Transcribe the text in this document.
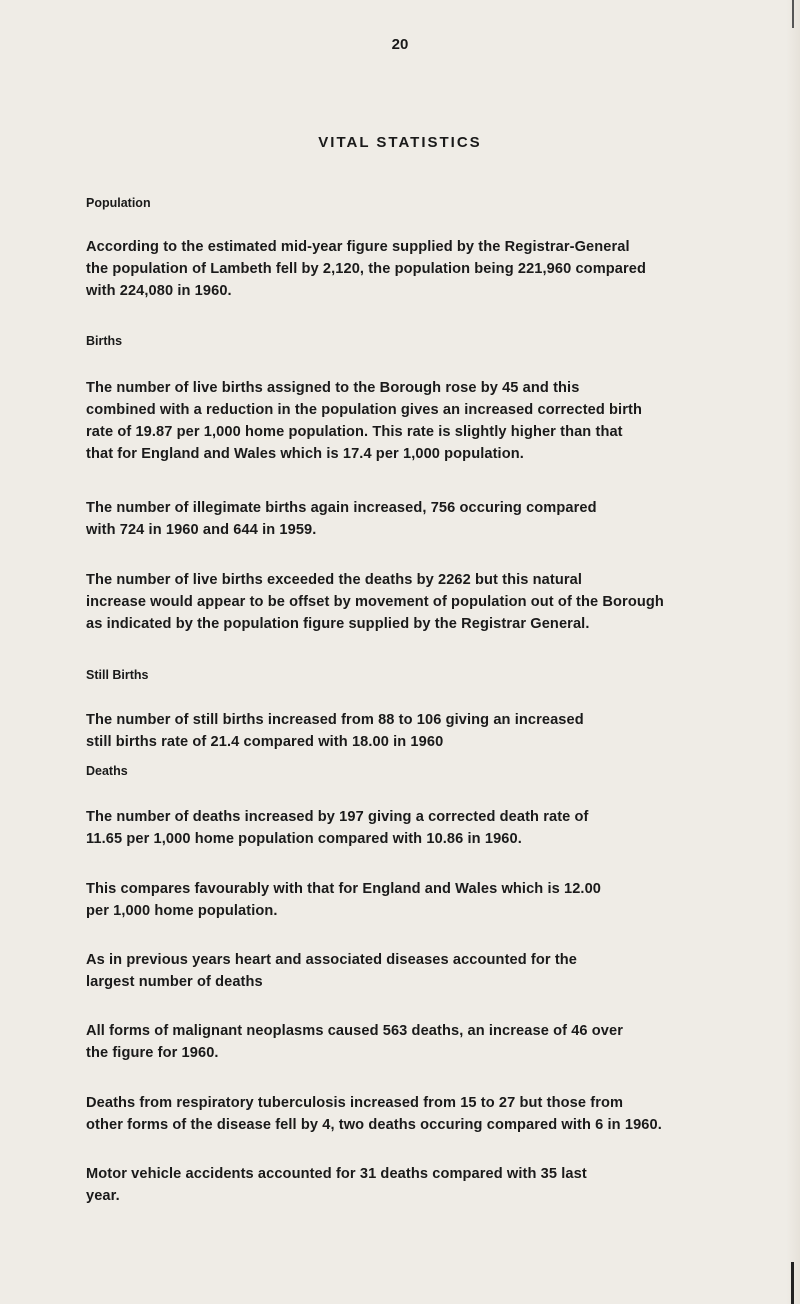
20
VITAL STATISTICS
Population
According to the estimated mid-year figure supplied by the Registrar-General
the population of Lambeth fell by 2,120, the population being 221,960 compared
with 224,080 in 1960.
Births
The number of live births assigned to the Borough rose by 45 and this
combined with a reduction in the population gives an increased corrected birth
rate of 19.87 per 1,000 home population. This rate is slightly higher than that
that for England and Wales which is 17.4 per 1,000 population.
The number of illegimate births again increased, 756 occuring compared
with 724 in 1960 and 644 in 1959.
The number of live births exceeded the deaths by 2262 but this natural
increase would appear to be offset by movement of population out of the Borough
as indicated by the population figure supplied by the Registrar General.
Still Births
The number of still births increased from 88 to 106 giving an increased
still births rate of 21.4 compared with 18.00 in 1960
Deaths
The number of deaths increased by 197 giving a corrected death rate of
11.65 per 1,000 home population compared with 10.86 in 1960.
This compares favourably with that for England and Wales which is 12.00
per 1,000 home population.
As in previous years heart and associated diseases accounted for the
largest number of deaths
All forms of malignant neoplasms caused 563 deaths, an increase of 46 over
the figure for 1960.
Deaths from respiratory tuberculosis increased from 15 to 27 but those from
other forms of the disease fell by 4, two deaths occuring compared with 6 in 1960.
Motor vehicle accidents accounted for 31 deaths compared with 35 last
year.
